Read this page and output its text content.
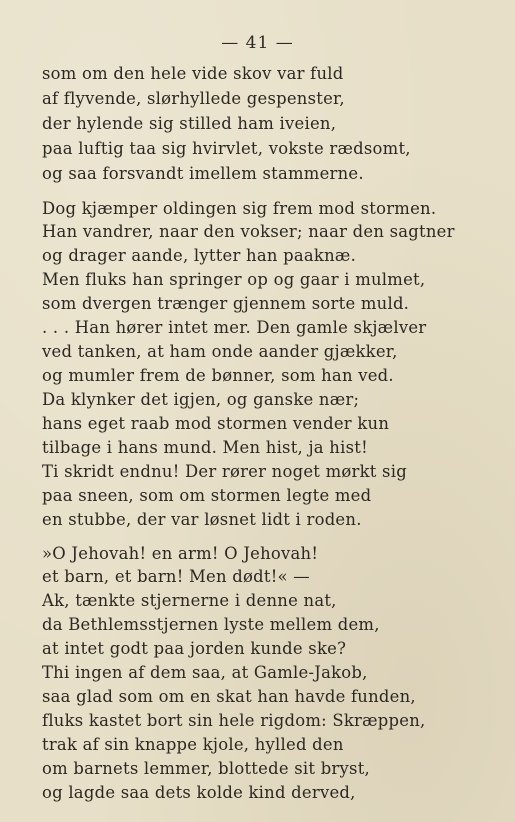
— 41 —
som om den hele vide skov var fuld
af flyvende, slørhyllede gespenster,
der hylende sig stilled ham iveien,
paa luftig taa sig hvirvlet, vokste rædsomt,
og saa forsvandt imellem stammerne.
Dog kjæmper oldingen sig frem mod stormen.
Han vandrer, naar den vokser; naar den sagtner
og drager aande, lytter han paaknæ.
Men fluks han springer op og gaar i mulmet,
som dvergen trænger gjennem sorte muld.
. . . Han hører intet mer. Den gamle skjælver
ved tanken, at ham onde aander gjækker,
og mumler frem de bønner, som han ved.
Da klynker det igjen, og ganske nær;
hans eget raab mod stormen vender kun
tilbage i hans mund. Men hist, ja hist!
Ti skridt endnu! Der rører noget mørkt sig
paa sneen, som om stormen legte med
en stubbe, der var løsnet lidt i roden.
»O Jehovah! en arm! O Jehovah!
et barn, et barn! Men dødt!« —
Ak, tænkte stjernerne i denne nat,
da Bethlemsstjernen lyste mellem dem,
at intet godt paa jorden kunde ske?
Thi ingen af dem saa, at Gamle-Jakob,
saa glad som om en skat han havde funden,
fluks kastet bort sin hele rigdom: Skræppen,
trak af sin knappe kjole, hylled den
om barnets lemmer, blottede sit bryst,
og lagde saa dets kolde kind derved,
